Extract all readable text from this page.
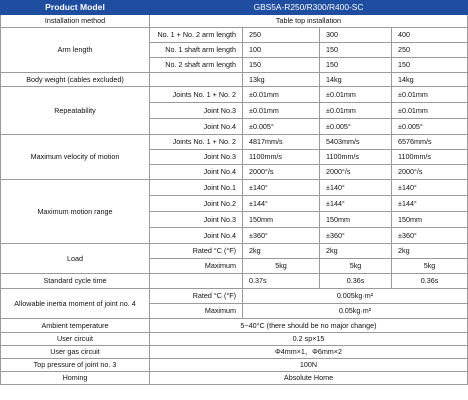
Product Model	GBS5A-R250/R300/R400-SC			
Installation method	Table top installation			
Arm length	No. 1 + No. 2 arm length	250	300	400
	No. 1 shaft arm length	100	150	250
	No. 2 shaft arm length	150	150	150
Body weight (cables excluded)		13kg	14kg	14kg
Repeatability	Joints No. 1 + No. 2	±0.01mm	±0.01mm	±0.01mm
	Joint No.3	±0.01mm	±0.01mm	±0.01mm
	Joint No.4	±0.005°	±0.005°	±0.005°
Maximum velocity of motion	Joints No. 1 + No. 2	4817mm/s	5403mm/s	6576mm/s
	Joint No.3	1100mm/s	1100mm/s	1100mm/s
	Joint No.4	2000°/s	2000°/s	2000°/s
Maximum motion range	Joint No.1	±140°	±140°	±140°
	Joint No.2	±144°	±144°	±144°
	Joint No.3	150mm	150mm	150mm
	Joint No.4	±360°	±360°	±360°
Load	Rated °C (°F)	2kg	2kg	2kg
	Maximum	5kg	5kg	5kg
Standard cycle time		0.37s	0.36s	0.36s
Allowable inertia moment of joint no. 4	Rated °C (°F)	0.005kg·m²		
	Maximum	0.05kg·m²		
Ambient temperature	5~40°C (there should be no major change)			
User circuit	0.2 sp×15			
User gas circuit	Φ4mm×1、Φ6mm×2			
Top pressure of joint no. 3	100N			
Homing	Absolute Home			
